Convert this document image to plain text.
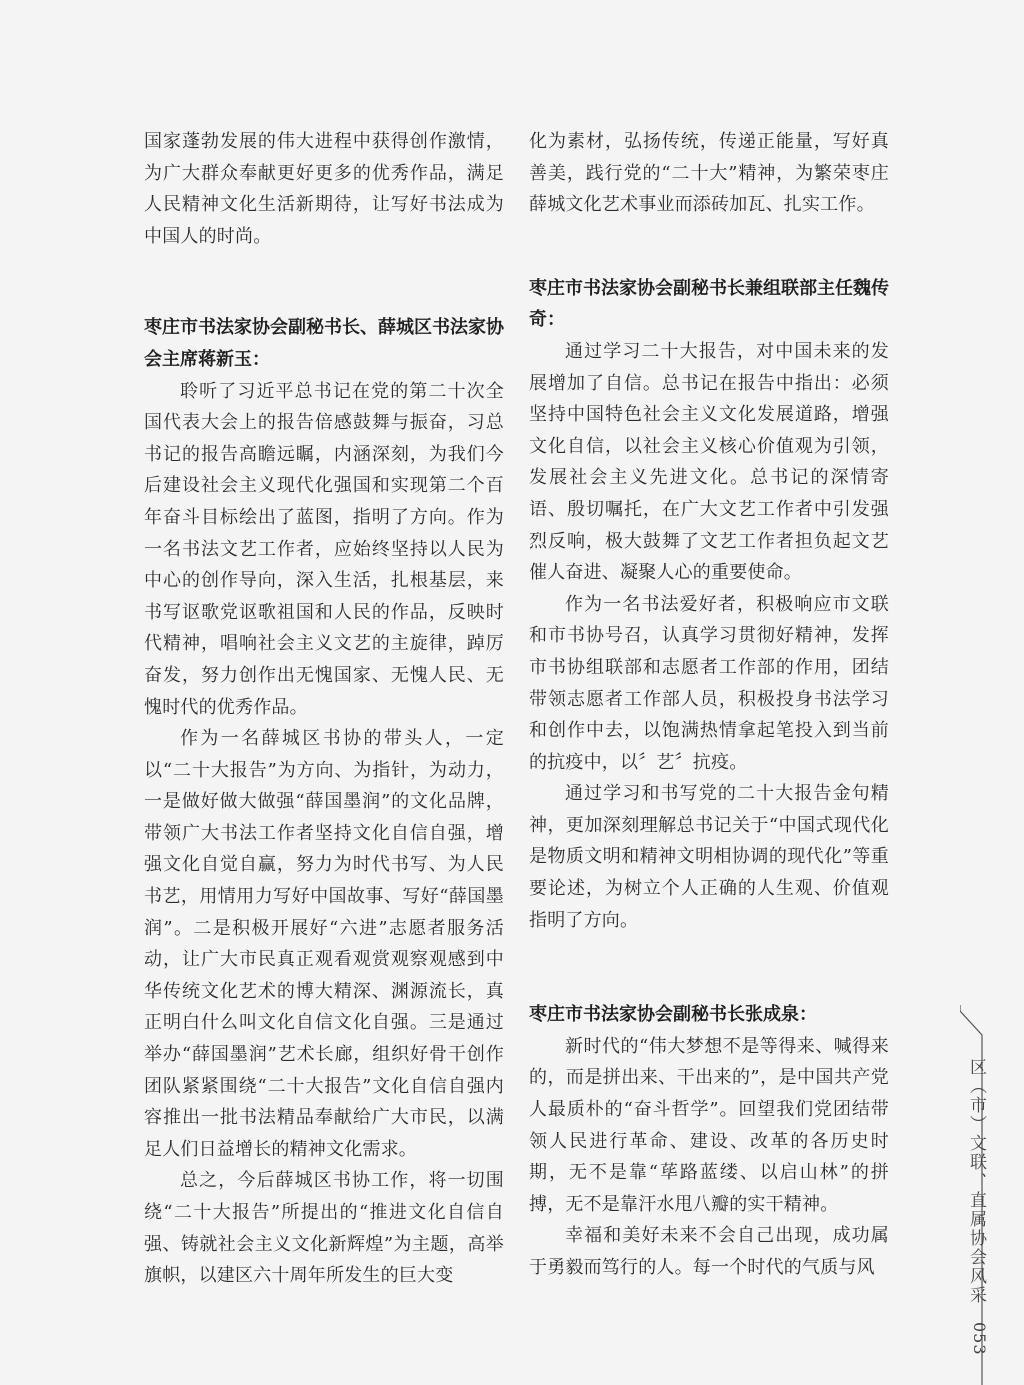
国家蓬勃发展的伟大进程中获得创作激情，为广大群众奉献更好更多的优秀作品，满足人民精神文化生活新期待，让写好书法成为中国人的时尚。

枣庄市书法家协会副秘书长、薛城区书法家协会主席蒋新玉：

聆听了习近平总书记在党的第二十次全国代表大会上的报告倍感鼓舞与振奋，习总书记的报告高瞻远瞩，内涵深刻，为我们今后建设社会主义现代化强国和实现第二个百年奋斗目标绘出了蓝图，指明了方向。作为一名书法文艺工作者，应始终坚持以人民为中心的创作导向，深入生活，扎根基层，来书写讴歌党讴歌祖国和人民的作品，反映时代精神，唱响社会主义文艺的主旋律，踔厉奋发，努力创作出无愧国家、无愧人民、无愧时代的优秀作品。

作为一名薛城区书协的带头人，一定以“二十大报告”为方向、为指针，为动力，一是做好做大做强“薛国墨润”的文化品牌，带领广大书法工作者坚持文化自信自强，增强文化自觉自赢，努力为时代书写、为人民书艺，用情用力写好中国故事、写好“薛国墨润”。二是积极开展好“六进”志愿者服务活动，让广大市民真正观看观赏观察观感到中华传统文化艺术的博大精深、渊源流长，真正明白什么叫文化自信文化自强。三是通过举办“薛国墨润”艺术长廊，组织好骨干创作团队紧紧围绕“二十大报告”文化自信自强内容推出一批书法精品奉献给广大市民，以满足人们日益增长的精神文化需求。

总之，今后薛城区书协工作，将一切围绕“二十大报告”所提出的“推进文化自信自强、铸就社会主义文化新辉煌”为主题，高举旗帜，以建区六十周年所发生的巨大变

化为素材，弘扬传统，传递正能量，写好真善美，践行党的“二十大”精神，为繁荣枣庄薛城文化艺术事业而添砖加瓦、扎实工作。

枣庄市书法家协会副秘书长兼组联部主任魏传奇：

通过学习二十大报告，对中国未来的发展增加了自信。总书记在报告中指出：必须坚持中国特色社会主义文化发展道路，增强文化自信，以社会主义核心价值观为引领，发展社会主义先进文化。总书记的深情寄语、殷切嘱托，在广大文艺工作者中引发强烈反响，极大鼓舞了文艺工作者担负起文艺催人奋进、凝聚人心的重要使命。

作为一名书法爱好者，积极响应市文联和市书协号召，认真学习贯彻好精神，发挥市书协组联部和志愿者工作部的作用，团结带领志愿者工作部人员，积极投身书法学习和创作中去，以饱满热情拿起笔投入到当前的抗疫中，以〞艺〞抗疫。

通过学习和书写党的二十大报告金句精神，更加深刻理解总书记关于“中国式现代化是物质文明和精神文明相协调的现代化”等重要论述，为树立个人正确的人生观、价值观指明了方向。

枣庄市书法家协会副秘书长张成泉：

新时代的“伟大梦想不是等得来、喊得来的，而是拼出来、干出来的”，是中国共产党人最质朴的“奋斗哲学”。回望我们党团结带领人民进行革命、建设、改革的各历史时期，无不是靠“荜路蓝缕、以启山林”的拼搏，无不是靠汗水甩八瓣的实干精神。

幸福和美好未来不会自己出现，成功属于勇毅而笃行的人。每一个时代的气质与风	区（市）文联、直属协会风采
053
